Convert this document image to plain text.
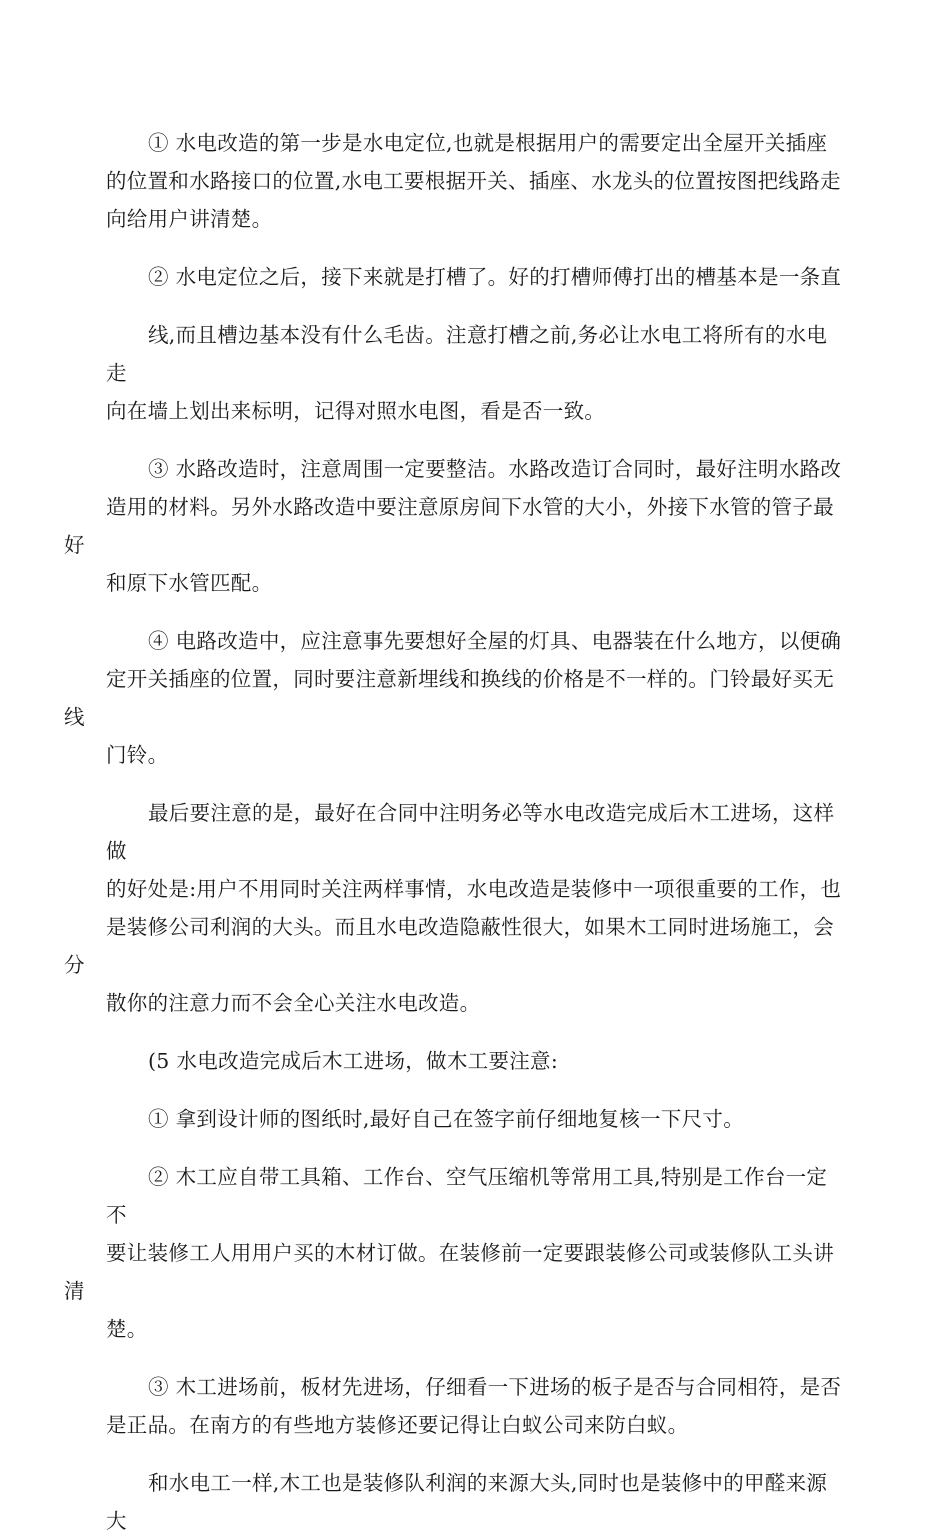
① 水电改造的第一步是水电定位,也就是根据用户的需要定出全屋开关插座
的位置和水路接口的位置,水电工要根据开关、插座、水龙头的位置按图把线路走
向给用户讲清楚。

② 水电定位之后，接下来就是打槽了。好的打槽师傅打出的槽基本是一条直

线,而且槽边基本没有什么毛齿。注意打槽之前,务必让水电工将所有的水电走
向在墙上划出来标明，记得对照水电图，看是否一致。

③ 水路改造时，注意周围一定要整洁。水路改造订合同时，最好注明水路改
造用的材料。另外水路改造中要注意原房间下水管的大小，外接下水管的管子最好
和原下水管匹配。

④ 电路改造中，应注意事先要想好全屋的灯具、电器装在什么地方，以便确
定开关插座的位置，同时要注意新埋线和换线的价格是不一样的。门铃最好买无线
门铃。

最后要注意的是，最好在合同中注明务必等水电改造完成后木工进场，这样做
的好处是:用户不用同时关注两样事情，水电改造是装修中一项很重要的工作，也
是装修公司利润的大头。而且水电改造隐蔽性很大，如果木工同时进场施工，会分
散你的注意力而不会全心关注水电改造。

(5 水电改造完成后木工进场，做木工要注意:

① 拿到设计师的图纸时,最好自己在签字前仔细地复核一下尺寸。

② 木工应自带工具箱、工作台、空气压缩机等常用工具,特别是工作台一定不
要让装修工人用用户买的木材订做。在装修前一定要跟装修公司或装修队工头讲清
楚。

③ 木工进场前，板材先进场，仔细看一下进场的板子是否与合同相符，是否
是正品。在南方的有些地方装修还要记得让白蚁公司来防白蚁。

和水电工一样,木工也是装修队利润的来源大头,同时也是装修中的甲醛来源大
